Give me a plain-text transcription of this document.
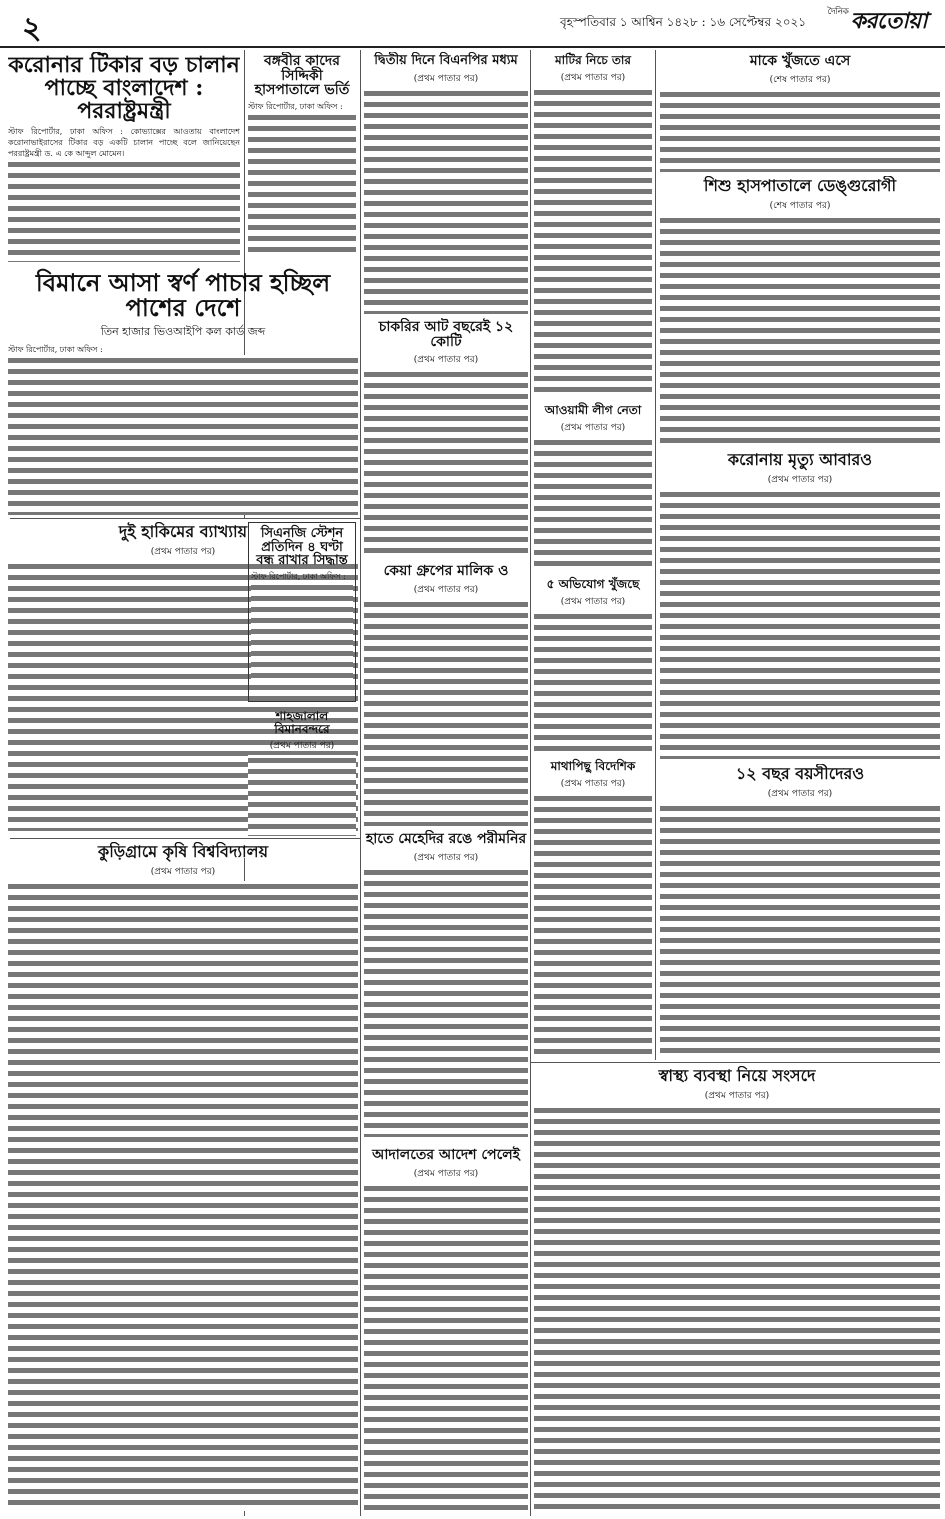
২	বৃহস্পতিবার ১ আশ্বিন ১৪২৮ : ১৬ সেপ্টেম্বর ২০২১
$^{দৈনিক}$করতোয়া
করোনার টিকার বড় চালান পাচ্ছে বাংলাদেশ : পররাষ্ট্রমন্ত্রী
স্টাফ রিপোর্টার, ঢাকা অফিস : কোভ্যাক্সের আওতায় বাংলাদেশ করোনাভাইরাসের টিকার বড় একটি চালান পাচ্ছে বলে জানিয়েছেন পররাষ্ট্রমন্ত্রী ড. এ কে আব্দুল মোমেন।
বিমানে আসা স্বর্ণ পাচার হচ্ছিল পাশের দেশে
তিন হাজার ভিওআইপি কল কার্ড জব্দ
স্টাফ রিপোর্টার, ঢাকা অফিস :
বঙ্গবীর কাদের সিদ্দিকী হাসপাতালে ভর্তি
স্টাফ রিপোর্টার, ঢাকা অফিস :
দুই হাকিমের ব্যাখ্যায়
(প্রথম পাতার পর)
সিএনজি স্টেশন প্রতিদিন ৪ ঘণ্টা বন্ধ রাখার সিদ্ধান্ত
স্টাফ রিপোর্টার, ঢাকা অফিস :
শাহজালাল বিমানবন্দরে
(প্রথম পাতার পর)
কুড়িগ্রামে কৃষি বিশ্ববিদ্যালয়
(প্রথম পাতার পর)
দ্বিতীয় দিনে বিএনপির মধ্যম
(প্রথম পাতার পর)
চাকরির আট বছরেই ১২ কোটি
(প্রথম পাতার পর)
কেয়া গ্রুপের মালিক ও
(প্রথম পাতার পর)
হাতে মেহেদির রঙে পরীমনির
(প্রথম পাতার পর)
আদালতের আদেশ পেলেই
(প্রথম পাতার পর)
মাটির নিচে তার
(প্রথম পাতার পর)
আওয়ামী লীগ নেতা
(প্রথম পাতার পর)
৫ অভিযোগ খুঁজছে
(প্রথম পাতার পর)
মাথাপিছু বিদেশিক
(প্রথম পাতার পর)
মাকে খুঁজতে এসে
(শেষ পাতার পর)
শিশু হাসপাতালে ডেঙ্গুরোগী
(শেষ পাতার পর)
করোনায় মৃত্যু আবারও
(প্রথম পাতার পর)
১২ বছর বয়সীদেরও
(প্রথম পাতার পর)
স্বাস্থ্য ব্যবস্থা নিয়ে সংসদে
(প্রথম পাতার পর)
